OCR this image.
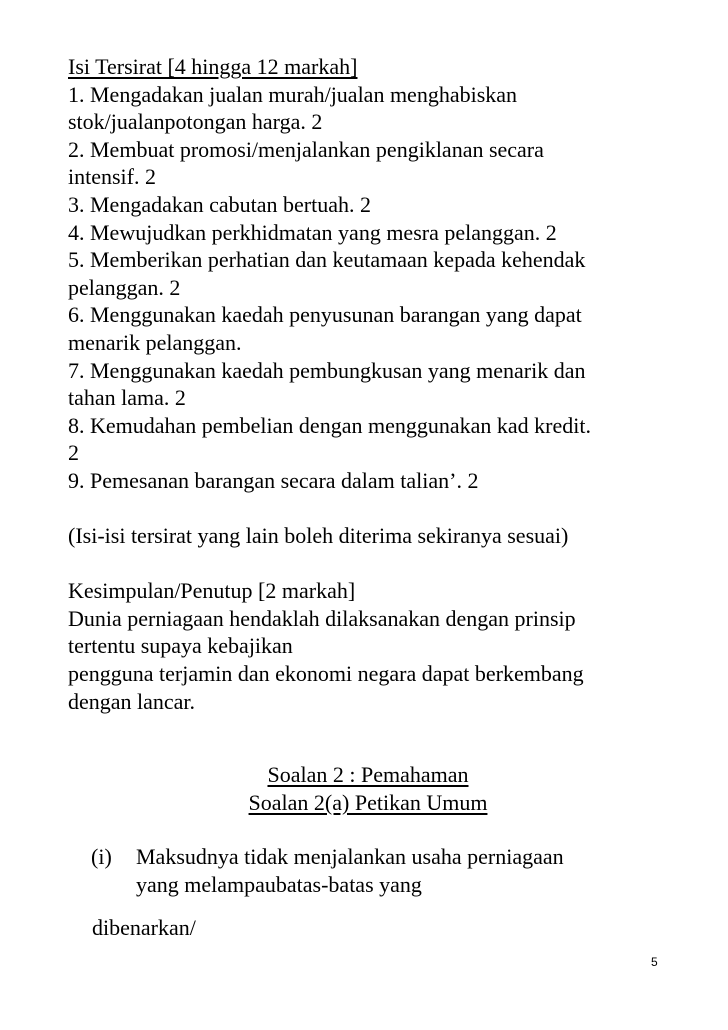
Isi Tersirat [4 hingga 12 markah]
1. Mengadakan jualan murah/jualan menghabiskan
stok/jualanpotongan harga. 2
2. Membuat promosi/menjalankan pengiklanan secara
intensif. 2
3. Mengadakan cabutan bertuah. 2
4. Mewujudkan perkhidmatan yang mesra pelanggan. 2
5. Memberikan perhatian dan keutamaan kepada kehendak
pelanggan. 2
6. Menggunakan kaedah penyusunan barangan yang dapat
menarik pelanggan.
7. Menggunakan kaedah pembungkusan yang menarik dan
tahan lama. 2
8. Kemudahan pembelian dengan menggunakan kad kredit.
2
9. Pemesanan barangan secara dalam talian’. 2
(Isi-isi tersirat yang lain boleh diterima sekiranya sesuai)
Kesimpulan/Penutup [2 markah]
Dunia perniagaan hendaklah dilaksanakan dengan prinsip
tertentu supaya kebajikan
pengguna terjamin dan ekonomi negara dapat berkembang
dengan lancar.
Soalan 2 : Pemahaman
Soalan 2(a) Petikan Umum
(i) Maksudnya tidak menjalankan usaha perniagaan
yang melampaubatas-batas yang
dibenarkan/
5
